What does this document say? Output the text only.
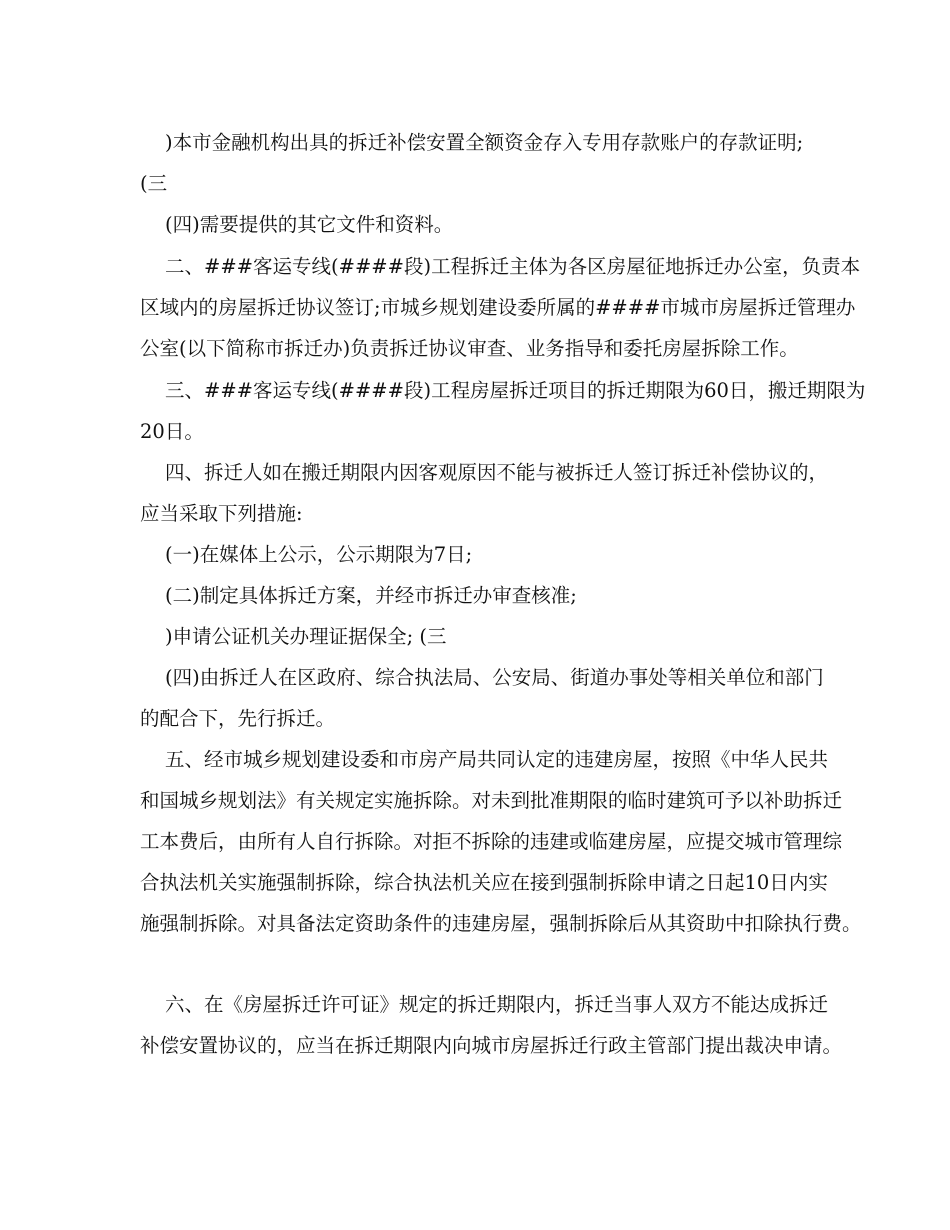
)本市金融机构出具的拆迁补偿安置全额资金存入专用存款账户的存款证明;
(三
(四)需要提供的其它文件和资料。
二、###客运专线(####段)工程拆迁主体为各区房屋征地拆迁办公室，负责本
区域内的房屋拆迁协议签订;市城乡规划建设委所属的####市城市房屋拆迁管理办
公室(以下简称市拆迁办)负责拆迁协议审查、业务指导和委托房屋拆除工作。
三、###客运专线(####段)工程房屋拆迁项目的拆迁期限为60日，搬迁期限为
20日。
四、拆迁人如在搬迁期限内因客观原因不能与被拆迁人签订拆迁补偿协议的，
应当采取下列措施:
(一)在媒体上公示，公示期限为7日;
(二)制定具体拆迁方案，并经市拆迁办审查核准;
)申请公证机关办理证据保全; (三
(四)由拆迁人在区政府、综合执法局、公安局、街道办事处等相关单位和部门
的配合下，先行拆迁。
五、经市城乡规划建设委和市房产局共同认定的违建房屋，按照《中华人民共
和国城乡规划法》有关规定实施拆除。对未到批准期限的临时建筑可予以补助拆迁
工本费后，由所有人自行拆除。对拒不拆除的违建或临建房屋，应提交城市管理综
合执法机关实施强制拆除，综合执法机关应在接到强制拆除申请之日起10日内实
施强制拆除。对具备法定资助条件的违建房屋，强制拆除后从其资助中扣除执行费。
六、在《房屋拆迁许可证》规定的拆迁期限内，拆迁当事人双方不能达成拆迁
补偿安置协议的，应当在拆迁期限内向城市房屋拆迁行政主管部门提出裁决申请。
